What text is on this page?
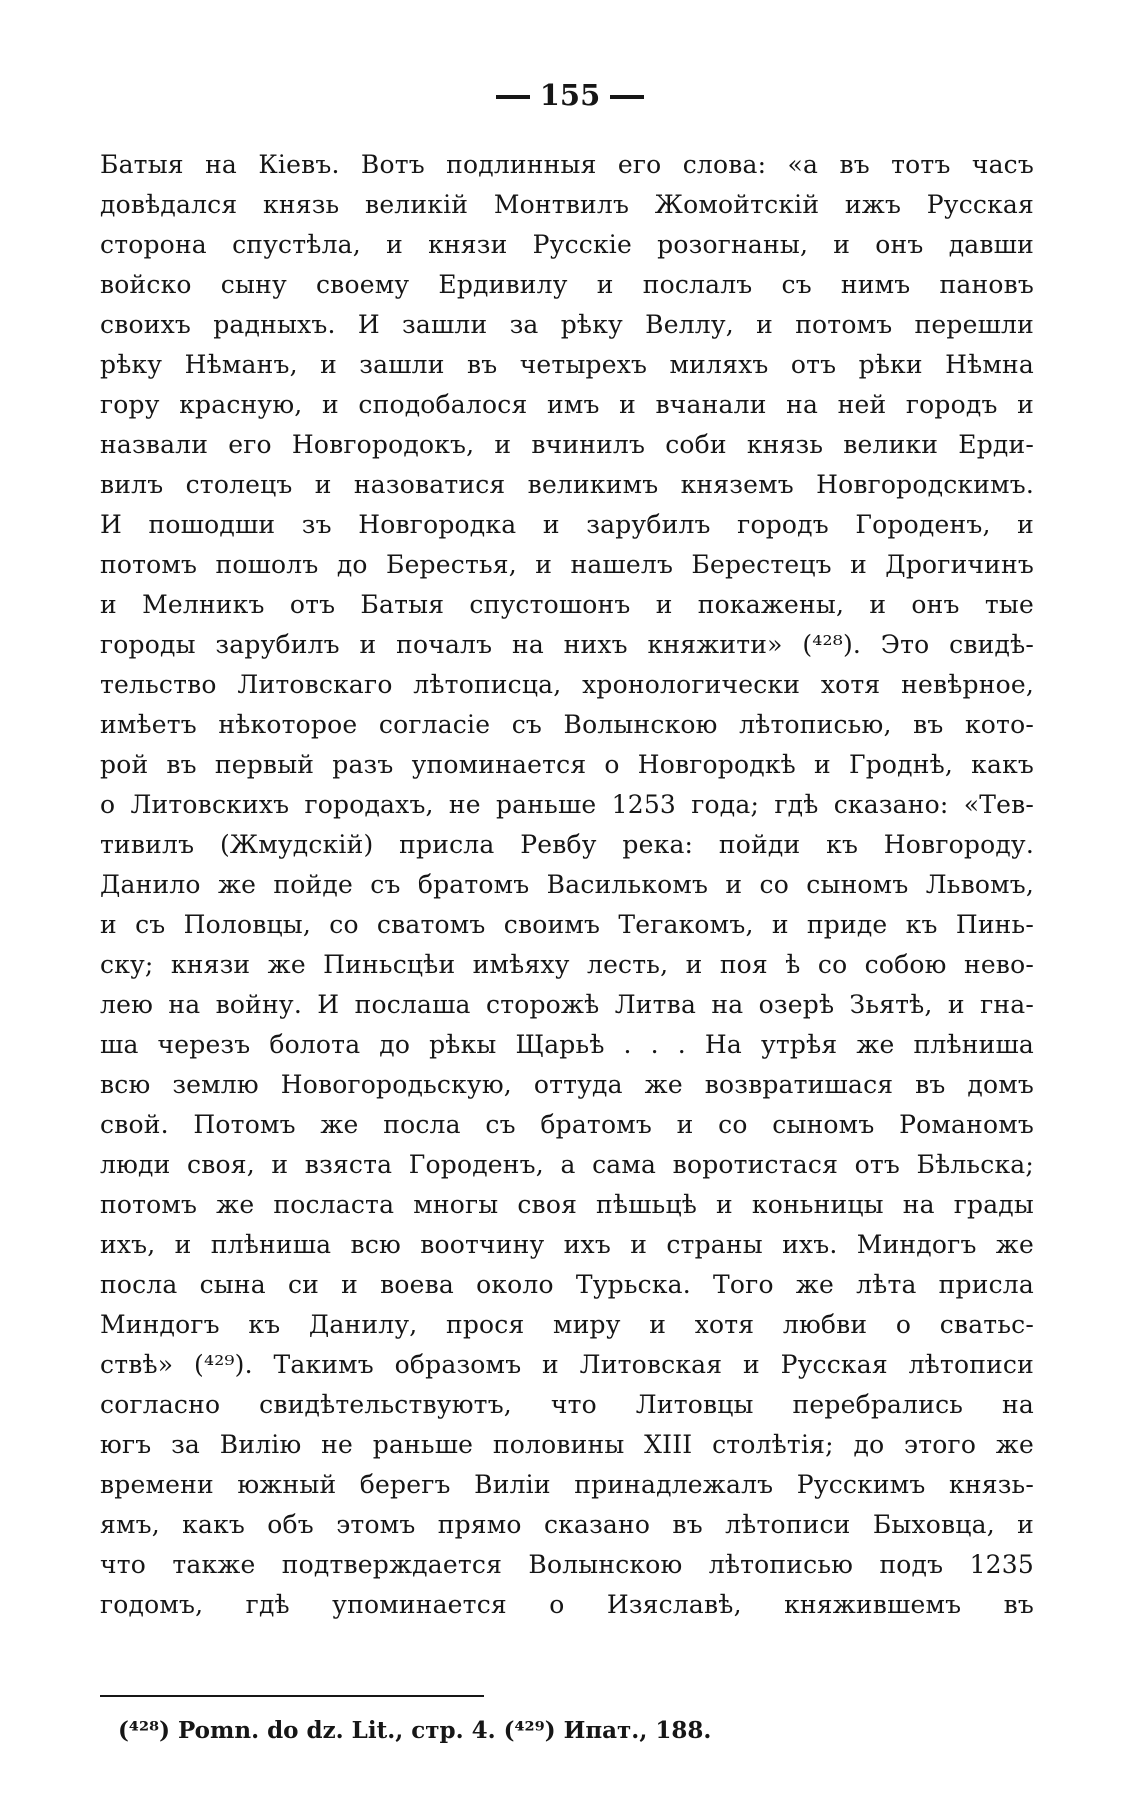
155
Батыя на Кіевъ. Вотъ подлинныя его слова: «а въ тотъ часъ
довѣдался князь великій Монтвилъ Жомойтскій ижъ Русская
сторона спустѣла, и князи Русскіе розогнаны, и онъ давши
войско сыну своему Ердивилу и послалъ съ нимъ пановъ
своихъ радныхъ. И зашли за рѣку Веллу, и потомъ перешли
рѣку Нѣманъ, и зашли въ четырехъ миляхъ отъ рѣки Нѣмна
гору красную, и сподобалося имъ и вчанали на ней городъ и
назвали его Новгородокъ, и вчинилъ соби князь велики Ерди-
вилъ столецъ и назоватися великимъ княземъ Новгородскимъ.
И пошодши зъ Новгородка и зарубилъ городъ Городенъ, и
потомъ пошолъ до Берестья, и нашелъ Берестецъ и Дрогичинъ
и Мелникъ отъ Батыя спустошонъ и покажены, и онъ тые
городы зарубилъ и почалъ на нихъ княжити» (⁴²⁸). Это свидѣ-
тельство Литовскаго лѣтописца, хронологически хотя невѣрное,
имѣетъ нѣкоторое согласіе съ Волынскою лѣтописью, въ кото-
рой въ первый разъ упоминается о Новгородкѣ и Гроднѣ, какъ
о Литовскихъ городахъ, не раньше 1253 года; гдѣ сказано: «Тев-
тивилъ (Жмудскій) присла Ревбу река: пойди къ Новгороду.
Данило же пойде съ братомъ Василькомъ и со сыномъ Львомъ,
и съ Половцы, со сватомъ своимъ Тегакомъ, и приде къ Пинь-
ску; князи же Пиньсцѣи имѣяху лесть, и поя ѣ со собою нево-
лею на войну. И послаша сторожѣ Литва на озерѣ Зьятѣ, и гна-
ша черезъ болота до рѣкы Щарьѣ . . . На утрѣя же плѣниша
всю землю Новогородьскую, оттуда же возвратишася въ домъ
свой. Потомъ же посла съ братомъ и со сыномъ Романомъ
люди своя, и взяста Городенъ, а сама воротистася отъ Бѣльска;
потомъ же посласта многы своя пѣшьцѣ и коньницы на грады
ихъ, и плѣниша всю воотчину ихъ и страны ихъ. Миндогъ же
посла сына си и воева около Турьска. Того же лѣта присла
Миндогъ къ Данилу, прося миру и хотя любви о сватьс-
ствѣ» (⁴²⁹). Такимъ образомъ и Литовская и Русская лѣтописи
согласно свидѣтельствуютъ, что Литовцы перебрались на
югъ за Вилію не раньше половины XIII столѣтія; до этого же
времени южный берегъ Виліи принадлежалъ Русскимъ князь-
ямъ, какъ объ этомъ прямо сказано въ лѣтописи Быховца, и
что также подтверждается Волынскою лѣтописью подъ 1235
годомъ, гдѣ упоминается о Изяславѣ, княжившемъ въ
(⁴²⁸) Pomn. do dz. Lit., стр. 4. (⁴²⁹) Ипат., 188.
